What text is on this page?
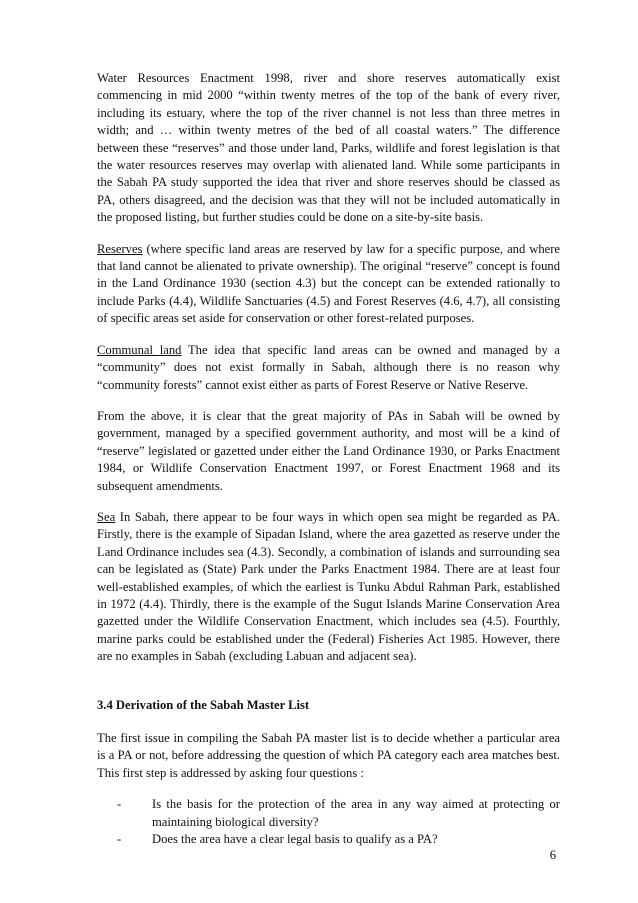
Water Resources Enactment 1998, river and shore reserves automatically exist commencing in mid 2000 “within twenty metres of the top of the bank of every river, including its estuary, where the top of the river channel is not less than three metres in width; and … within twenty metres of the bed of all coastal waters.” The difference between these “reserves” and those under land, Parks, wildlife and forest legislation is that the water resources reserves may overlap with alienated land. While some participants in the Sabah PA study supported the idea that river and shore reserves should be classed as PA, others disagreed, and the decision was that they will not be included automatically in the proposed listing, but further studies could be done on a site-by-site basis.

Reserves (where specific land areas are reserved by law for a specific purpose, and where that land cannot be alienated to private ownership). The original “reserve” concept is found in the Land Ordinance 1930 (section 4.3) but the concept can be extended rationally to include Parks (4.4), Wildlife Sanctuaries (4.5) and Forest Reserves (4.6, 4.7), all consisting of specific areas set aside for conservation or other forest-related purposes.

Communal land The idea that specific land areas can be owned and managed by a “community” does not exist formally in Sabah, although there is no reason why “community forests” cannot exist either as parts of Forest Reserve or Native Reserve.

From the above, it is clear that the great majority of PAs in Sabah will be owned by government, managed by a specified government authority, and most will be a kind of “reserve” legislated or gazetted under either the Land Ordinance 1930, or Parks Enactment 1984, or Wildlife Conservation Enactment 1997, or Forest Enactment 1968 and its subsequent amendments.

Sea In Sabah, there appear to be four ways in which open sea might be regarded as PA. Firstly, there is the example of Sipadan Island, where the area gazetted as reserve under the Land Ordinance includes sea (4.3). Secondly, a combination of islands and surrounding sea can be legislated as (State) Park under the Parks Enactment 1984. There are at least four well-established examples, of which the earliest is Tunku Abdul Rahman Park, established in 1972 (4.4). Thirdly, there is the example of the Sugut Islands Marine Conservation Area gazetted under the Wildlife Conservation Enactment, which includes sea (4.5). Fourthly, marine parks could be established under the (Federal) Fisheries Act 1985. However, there are no examples in Sabah (excluding Labuan and adjacent sea).

3.4 Derivation of the Sabah Master List

The first issue in compiling the Sabah PA master list is to decide whether a particular area is a PA or not, before addressing the question of which PA category each area matches best. This first step is addressed by asking four questions :

- Is the basis for the protection of the area in any way aimed at protecting or maintaining biological diversity?
- Does the area have a clear legal basis to qualify as a PA?
6
